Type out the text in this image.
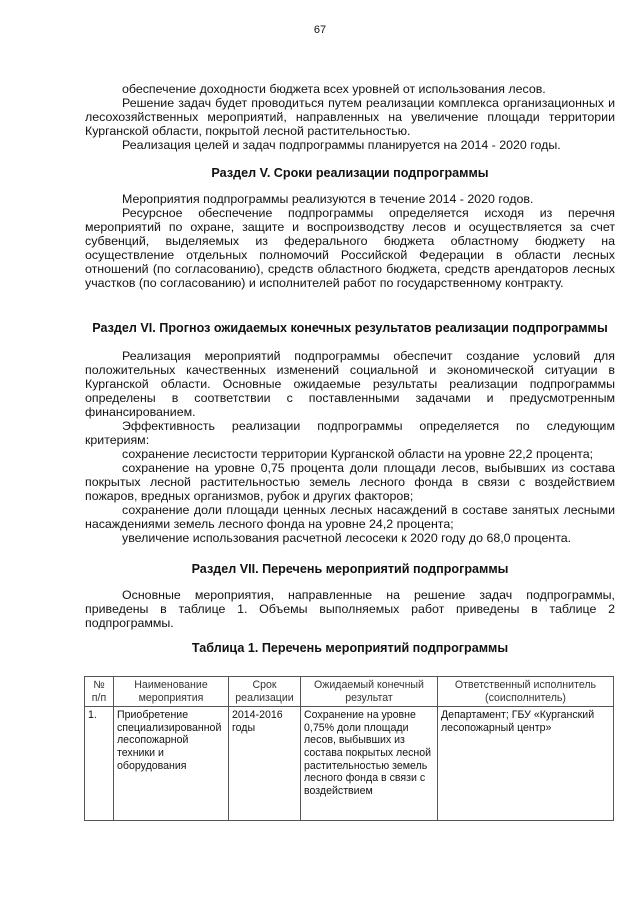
67

обеспечение доходности бюджета всех уровней от использования лесов.

Решение задач будет проводиться путем реализации комплекса организационных и лесохозяйственных мероприятий, направленных на увеличение площади территории Курганской области, покрытой лесной растительностью.

Реализация целей и задач подпрограммы планируется на 2014 - 2020 годы.

Раздел V. Сроки реализации подпрограммы

Мероприятия подпрограммы реализуются в течение 2014 - 2020 годов.

Ресурсное обеспечение подпрограммы определяется исходя из перечня мероприятий по охране, защите и воспроизводству лесов и осуществляется за счет субвенций, выделяемых из федерального бюджета областному бюджету на осуществление отдельных полномочий Российской Федерации в области лесных отношений (по согласованию), средств областного бюджета, средств арендаторов лесных участков (по согласованию) и исполнителей работ по государственному контракту.

Раздел VI. Прогноз ожидаемых конечных результатов реализации подпрограммы

Реализация мероприятий подпрограммы обеспечит создание условий для положительных качественных изменений социальной и экономической ситуации в Курганской области. Основные ожидаемые результаты реализации подпрограммы определены в соответствии с поставленными задачами и предусмотренным финансированием.

Эффективность реализации подпрограммы определяется по следующим критериям:

сохранение лесистости территории Курганской области на уровне 22,2 процента;

сохранение на уровне 0,75 процента доли площади лесов, выбывших из состава покрытых лесной растительностью земель лесного фонда в связи с воздействием пожаров, вредных организмов, рубок и других факторов;

сохранение доли площади ценных лесных насаждений в составе занятых лесными насаждениями земель лесного фонда на уровне 24,2 процента;

увеличение использования расчетной лесосеки к 2020 году до 68,0 процента.

Раздел VII. Перечень мероприятий подпрограммы

Основные мероприятия, направленные на решение задач подпрограммы, приведены в таблице 1. Объемы выполняемых работ приведены в таблице 2 подпрограммы.

Таблица 1. Перечень мероприятий подпрограммы
№ п/п	Наименование мероприятия	Срок реализации	Ожидаемый конечный результат	Ответственный исполнитель (соисполнитель)
1.	Приобретение специализированной лесопожарной техники и оборудования	2014-2016 годы	Сохранение на уровне 0,75% доли площади лесов, выбывших из состава покрытых лесной растительностью земель лесного фонда в связи с воздействием	Департамент; ГБУ «Курганский лесопожарный центр»
